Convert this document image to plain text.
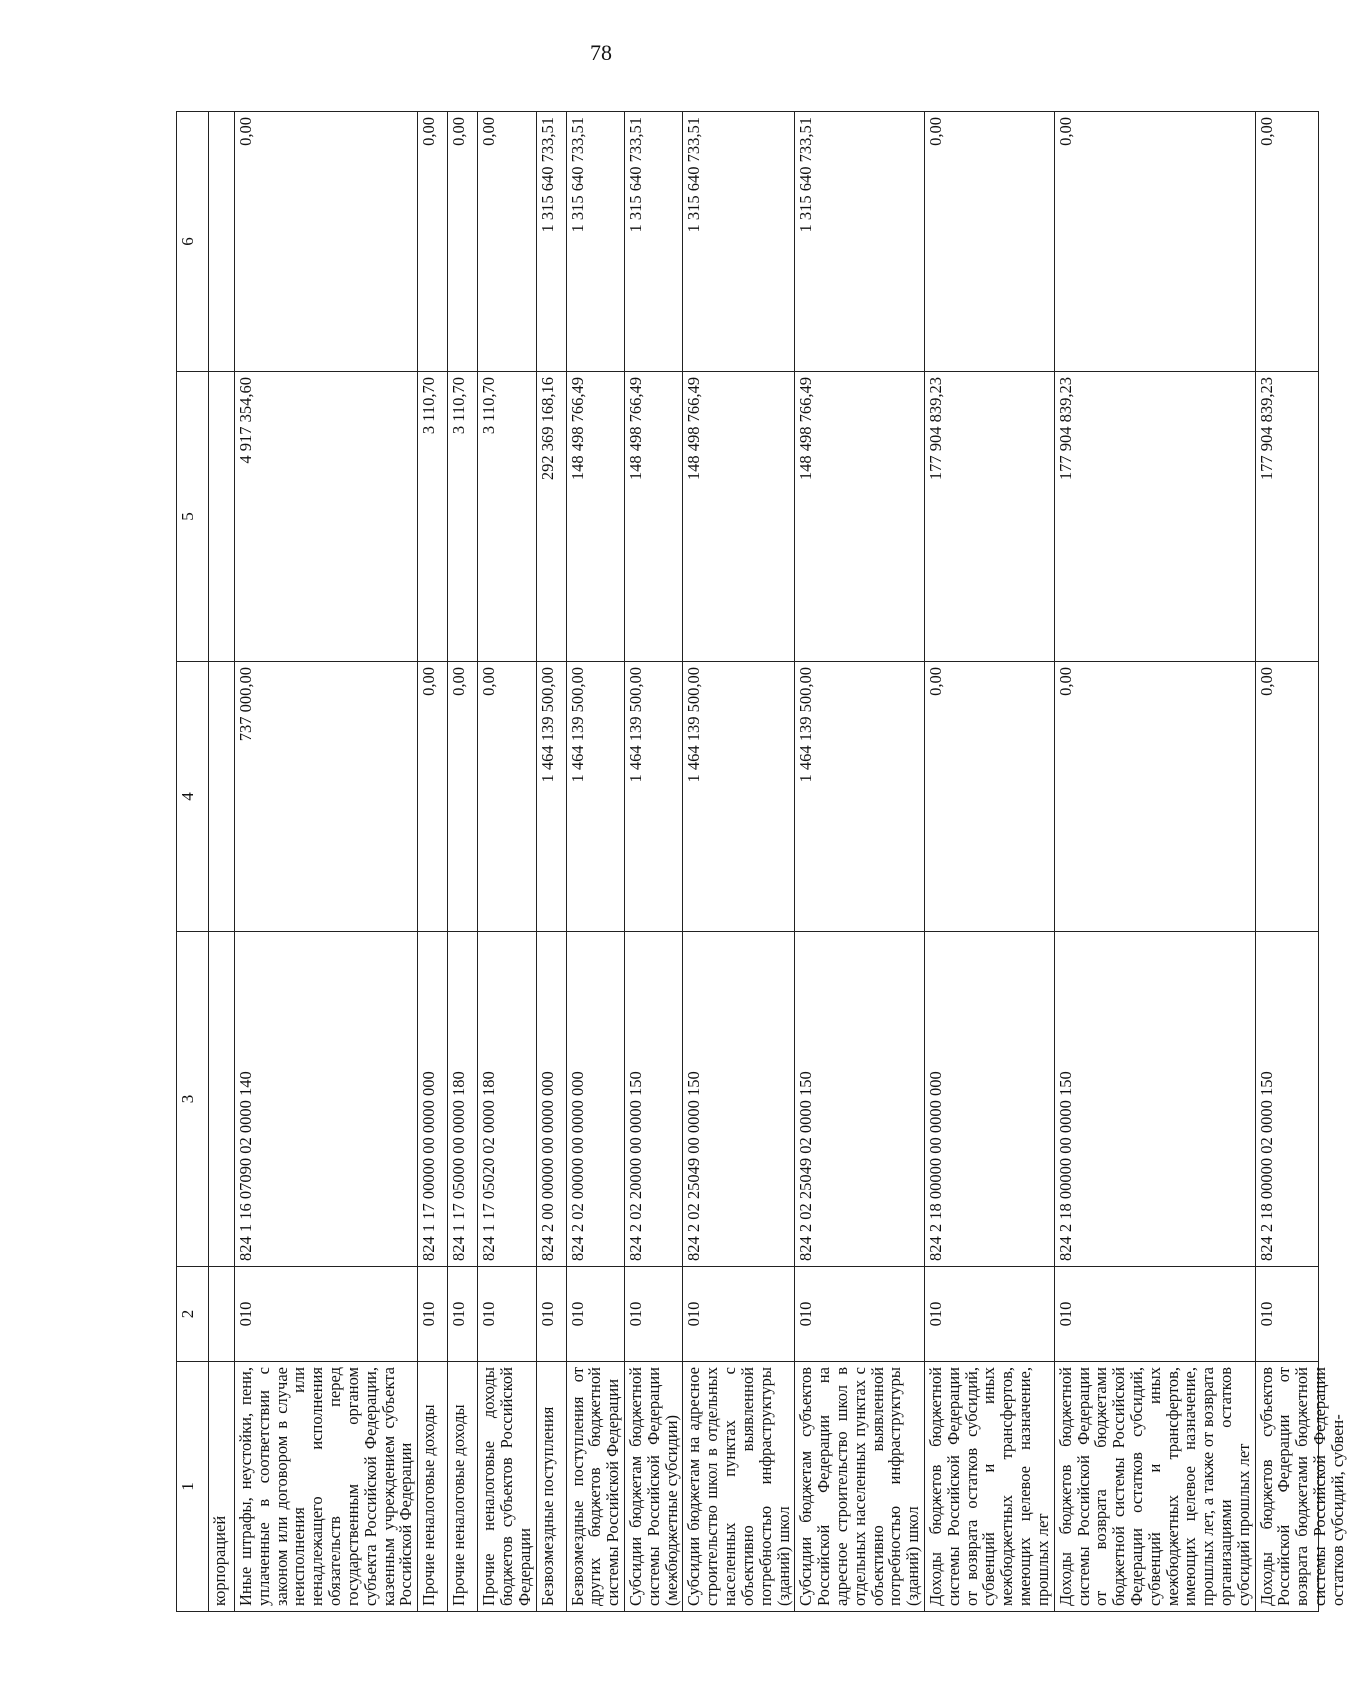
78
1	2	3	4	5	6
корпорацией					
Иные штрафы, неустойки, пени, уплаченные в соответствии с законом или договором в случае неисполнения или ненадлежащего исполнения обязательств перед государственным органом субъекта Российской Федерации, казенным учреждением субъекта Российской Федерации	010	824 1 16 07090 02 0000 140	737 000,00	4 917 354,60	0,00
Прочие неналоговые доходы	010	824 1 17 00000 00 0000 000	0,00	3 110,70	0,00
Прочие неналоговые доходы	010	824 1 17 05000 00 0000 180	0,00	3 110,70	0,00
Прочие неналоговые доходы бюджетов субъектов Российской Федерации	010	824 1 17 05020 02 0000 180	0,00	3 110,70	0,00
Безвозмездные поступления	010	824 2 00 00000 00 0000 000	1 464 139 500,00	292 369 168,16	1 315 640 733,51
Безвозмездные поступления от других бюджетов бюджетной системы Российской Федерации	010	824 2 02 00000 00 0000 000	1 464 139 500,00	148 498 766,49	1 315 640 733,51
Субсидии бюджетам бюджетной системы Российской Федерации (межбюджетные субсидии)	010	824 2 02 20000 00 0000 150	1 464 139 500,00	148 498 766,49	1 315 640 733,51
Субсидии бюджетам на адресное строительство школ в отдельных населенных пунктах с объективно выявленной потребностью инфраструктуры (зданий) школ	010	824 2 02 25049 00 0000 150	1 464 139 500,00	148 498 766,49	1 315 640 733,51
Субсидии бюджетам субъектов Российской Федерации на адресное строительство школ в отдельных населенных пунктах с объективно выявленной потребностью инфраструктуры (зданий) школ	010	824 2 02 25049 02 0000 150	1 464 139 500,00	148 498 766,49	1 315 640 733,51
Доходы бюджетов бюджетной системы Российской Федерации от возврата остатков субсидий, субвенций и иных межбюджетных трансфертов, имеющих целевое назначение, прошлых лет	010	824 2 18 00000 00 0000 000	0,00	177 904 839,23	0,00
Доходы бюджетов бюджетной системы Российской Федерации от возврата бюджетами бюджетной системы Российской Федерации остатков субсидий, субвенций и иных межбюджетных трансфертов, имеющих целевое назначение, прошлых лет, а также от возврата организациями остатков субсидий прошлых лет	010	824 2 18 00000 00 0000 150	0,00	177 904 839,23	0,00

Доходы бюджетов субъектов Российской Федерации от возврата бюджетами бюджетной системы Российской Федерации остатков субсидий, субвен-	010	824 2 18 00000 02 0000 150	0,00	177 904 839,23	0,00
